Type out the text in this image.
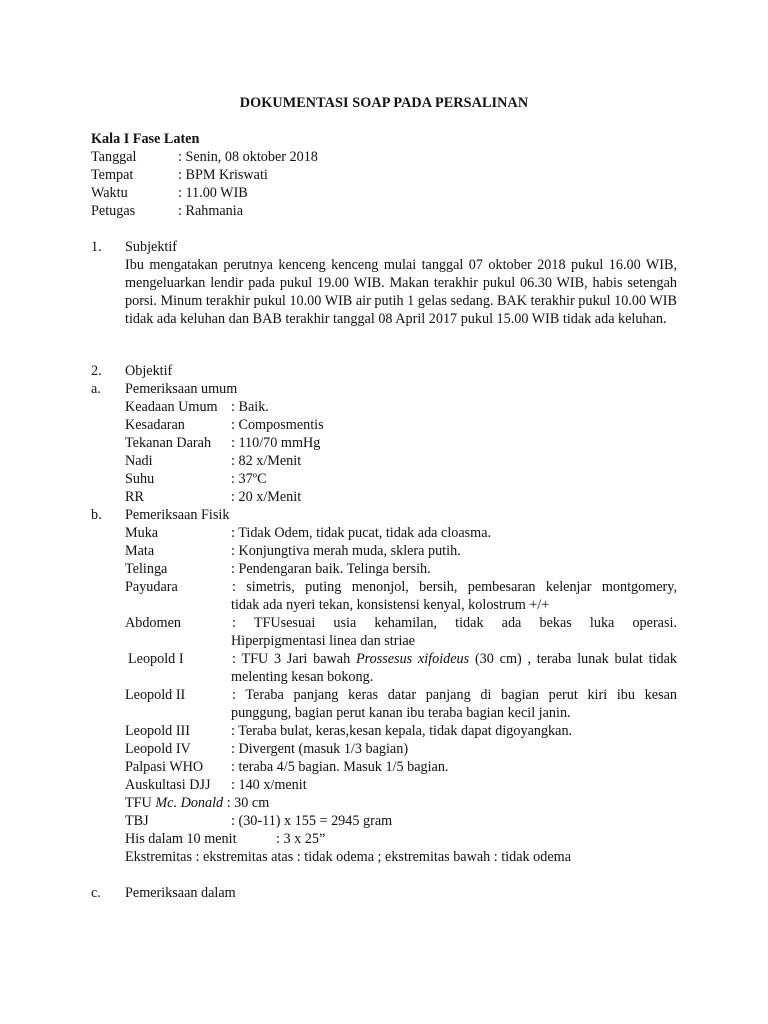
DOKUMENTASI SOAP PADA PERSALINAN
Kala I Fase Laten
Tanggal	: Senin, 08 oktober 2018
Tempat	: BPM Kriswati
Waktu	: 11.00 WIB
Petugas	: Rahmania
1. Subjektif
Ibu mengatakan perutnya kenceng kenceng mulai tanggal 07 oktober 2018 pukul 16.00 WIB, mengeluarkan lendir pada pukul 19.00 WIB. Makan terakhir pukul 06.30 WIB, habis setengah porsi. Minum terakhir pukul 10.00 WIB air putih 1 gelas sedang. BAK terakhir pukul 10.00 WIB tidak ada keluhan dan BAB terakhir tanggal 08 April 2017 pukul 15.00 WIB tidak ada keluhan.
2. Objektif
a. Pemeriksaan umum
Keadaan Umum : Baik.
Kesadaran	: Composmentis
Tekanan Darah : 110/70 mmHg
Nadi	: 82 x/Menit
Suhu	: 37ºC
RR	: 20 x/Menit
b. Pemeriksaan Fisik
Muka	: Tidak Odem, tidak pucat, tidak ada cloasma.
Mata	: Konjungtiva merah muda, sklera putih.
Telinga	: Pendengaran baik. Telinga bersih.
Payudara	: simetris, puting menonjol, bersih, pembesaran kelenjar montgomery,
tidak ada nyeri tekan, konsistensi kenyal, kolostrum +/+
Abdomen	: TFUsesuai usia kehamilan, tidak ada bekas luka operasi.
Hiperpigmentasi linea dan striae
Leopold I	: TFU 3 Jari bawah Prossesus xifoideus (30 cm) , teraba lunak bulat tidak
melenting kesan bokong.
Leopold II	: Teraba panjang keras datar panjang di bagian perut kiri ibu kesan
punggung, bagian perut kanan ibu teraba bagian kecil janin.
Leopold III	: Teraba bulat, keras,kesan kepala, tidak dapat digoyangkan.
Leopold IV	: Divergent (masuk 1/3 bagian)
Palpasi WHO : teraba 4/5 bagian. Masuk 1/5 bagian.
Auskultasi DJJ : 140 x/menit
TFU Mc. Donald : 30 cm
TBJ	: (30-11) x 155 = 2945 gram
His dalam 10 menit	: 3 x 25”
Ekstremitas : ekstremitas atas : tidak odema ; ekstremitas bawah : tidak odema
c. Pemeriksaan dalam
